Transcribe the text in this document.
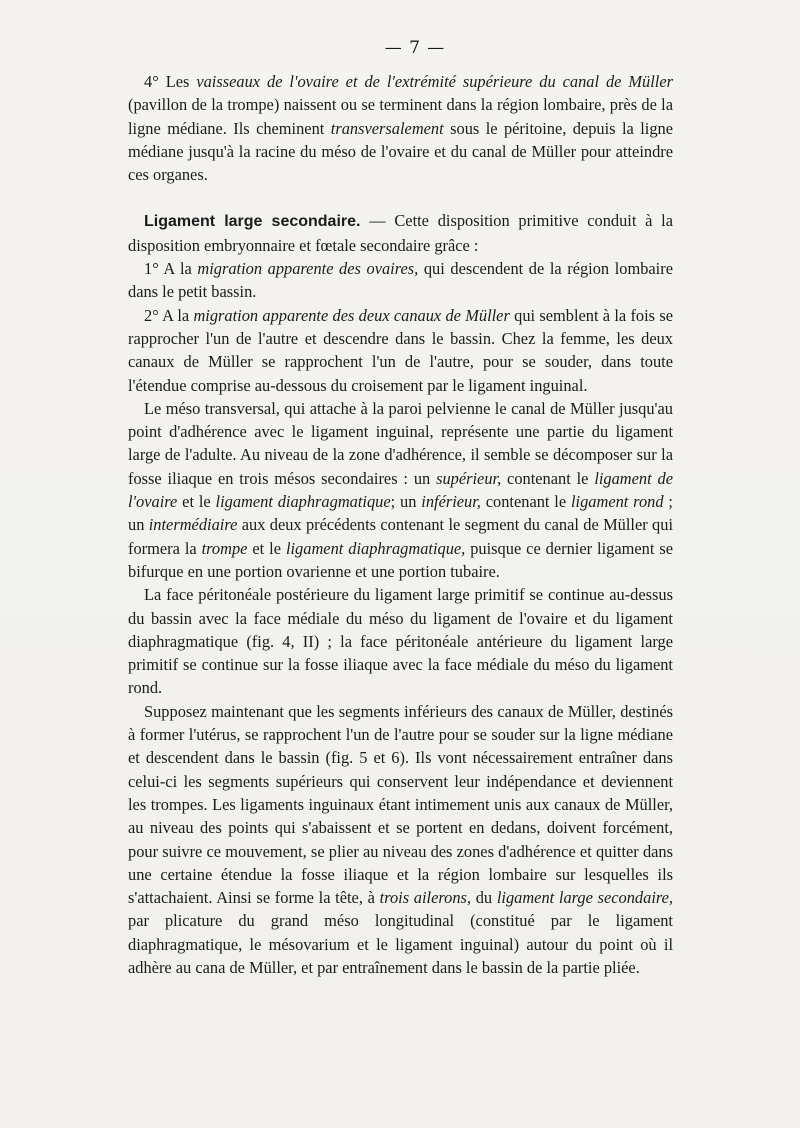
— 7 —

4° Les vaisseaux de l'ovaire et de l'extrémité supérieure du canal de Müller (pavillon de la trompe) naissent ou se terminent dans la région lombaire, près de la ligne médiane. Ils cheminent transversalement sous le péritoine, depuis la ligne médiane jusqu'à la racine du méso de l'ovaire et du canal de Müller pour atteindre ces organes.

Ligament large secondaire. — Cette disposition primitive conduit à la disposition embryonnaire et fœtale secondaire grâce :

1° A la migration apparente des ovaires, qui descendent de la région lombaire dans le petit bassin.

2° A la migration apparente des deux canaux de Müller qui semblent à la fois se rapprocher l'un de l'autre et descendre dans le bassin. Chez la femme, les deux canaux de Müller se rapprochent l'un de l'autre, pour se souder, dans toute l'étendue comprise au-dessous du croisement par le ligament inguinal.

Le méso transversal, qui attache à la paroi pelvienne le canal de Müller jusqu'au point d'adhérence avec le ligament inguinal, représente une partie du ligament large de l'adulte. Au niveau de la zone d'adhérence, il semble se décomposer sur la fosse iliaque en trois mésos secondaires : un supérieur, contenant le ligament de l'ovaire et le ligament diaphragmatique; un inférieur, contenant le ligament rond ; un intermédiaire aux deux précédents contenant le segment du canal de Müller qui formera la trompe et le ligament diaphragmatique, puisque ce dernier ligament se bifurque en une portion ovarienne et une portion tubaire.

La face péritonéale postérieure du ligament large primitif se continue au-dessus du bassin avec la face médiale du méso du ligament de l'ovaire et du ligament diaphragmatique (fig. 4, II) ; la face péritonéale antérieure du ligament large primitif se continue sur la fosse iliaque avec la face médiale du méso du ligament rond.

Supposez maintenant que les segments inférieurs des canaux de Müller, destinés à former l'utérus, se rapprochent l'un de l'autre pour se souder sur la ligne médiane et descendent dans le bassin (fig. 5 et 6). Ils vont nécessairement entraîner dans celui-ci les segments supérieurs qui conservent leur indépendance et deviennent les trompes. Les ligaments inguinaux étant intimement unis aux canaux de Müller, au niveau des points qui s'abaissent et se portent en dedans, doivent forcément, pour suivre ce mouvement, se plier au niveau des zones d'adhérence et quitter dans une certaine étendue la fosse iliaque et la région lombaire sur lesquelles ils s'attachaient. Ainsi se forme la tête, à trois ailerons, du ligament large secondaire, par plicature du grand méso longitudinal (constitué par le ligament diaphragmatique, le mésovarium et le ligament inguinal) autour du point où il adhère au cana de Müller, et par entraînement dans le bassin de la partie pliée.
